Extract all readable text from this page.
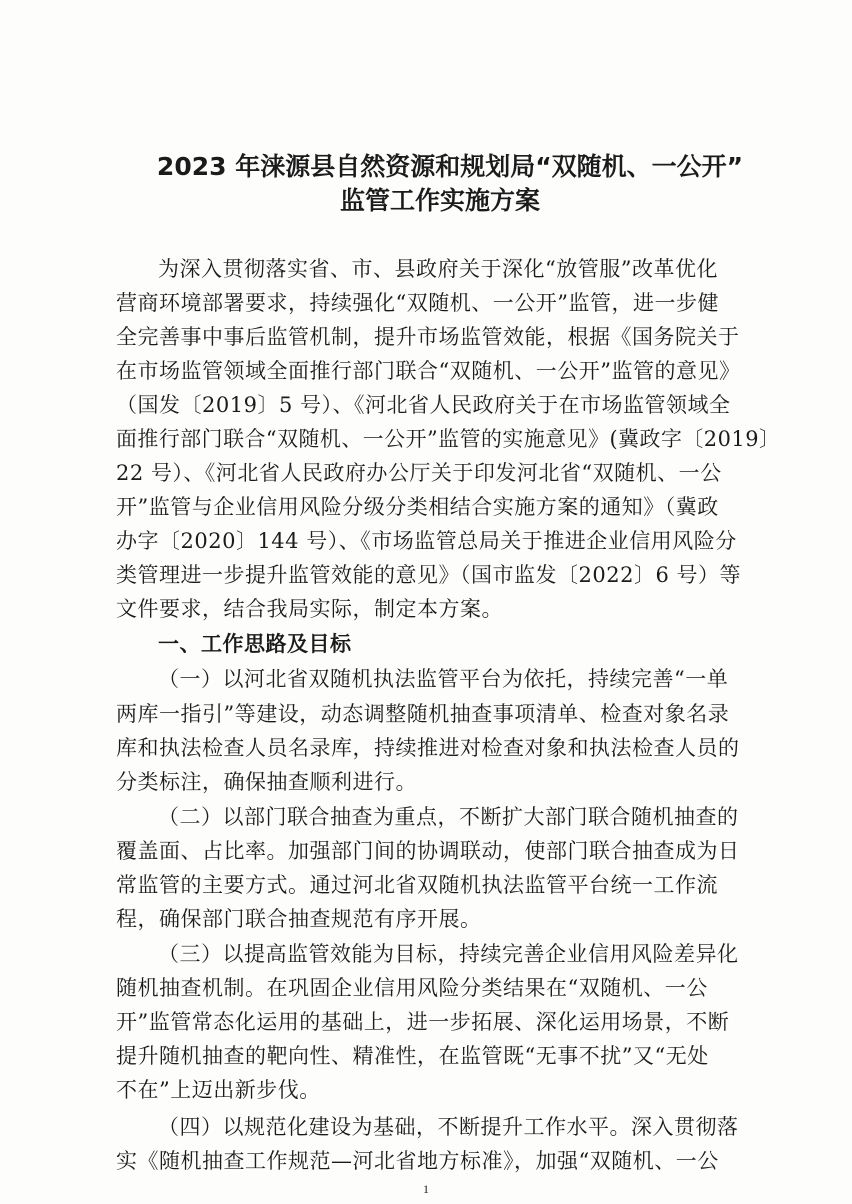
2023 年涞源县自然资源和规划局“双随机、一公开”
监管工作实施方案
为深入贯彻落实省、市、县政府关于深化“放管服”改革优化
营商环境部署要求，持续强化“双随机、一公开”监管，进一步健
全完善事中事后监管机制，提升市场监管效能，根据《国务院关于
在市场监管领域全面推行部门联合“双随机、一公开”监管的意见》
（国发〔2019〕5 号）、《河北省人民政府关于在市场监管领域全
面推行部门联合“双随机、一公开”监管的实施意见》(冀政字〔2019〕
22 号）、《河北省人民政府办公厅关于印发河北省“双随机、一公
开”监管与企业信用风险分级分类相结合实施方案的通知》（冀政
办字〔2020〕144 号）、《市场监管总局关于推进企业信用风险分
类管理进一步提升监管效能的意见》（国市监发〔2022〕6 号）等
文件要求，结合我局实际，制定本方案。
一、工作思路及目标
（一）以河北省双随机执法监管平台为依托，持续完善“一单
两库一指引”等建设，动态调整随机抽查事项清单、检查对象名录
库和执法检查人员名录库，持续推进对检查对象和执法检查人员的
分类标注，确保抽查顺利进行。
（二）以部门联合抽查为重点，不断扩大部门联合随机抽查的
覆盖面、占比率。加强部门间的协调联动，使部门联合抽查成为日
常监管的主要方式。通过河北省双随机执法监管平台统一工作流
程，确保部门联合抽查规范有序开展。
（三）以提高监管效能为目标，持续完善企业信用风险差异化
随机抽查机制。在巩固企业信用风险分类结果在“双随机、一公
开”监管常态化运用的基础上，进一步拓展、深化运用场景，不断
提升随机抽查的靶向性、精准性，在监管既“无事不扰”又“无处
不在”上迈出新步伐。
（四）以规范化建设为基础，不断提升工作水平。深入贯彻落
实《随机抽查工作规范—河北省地方标准》，加强“双随机、一公
1
